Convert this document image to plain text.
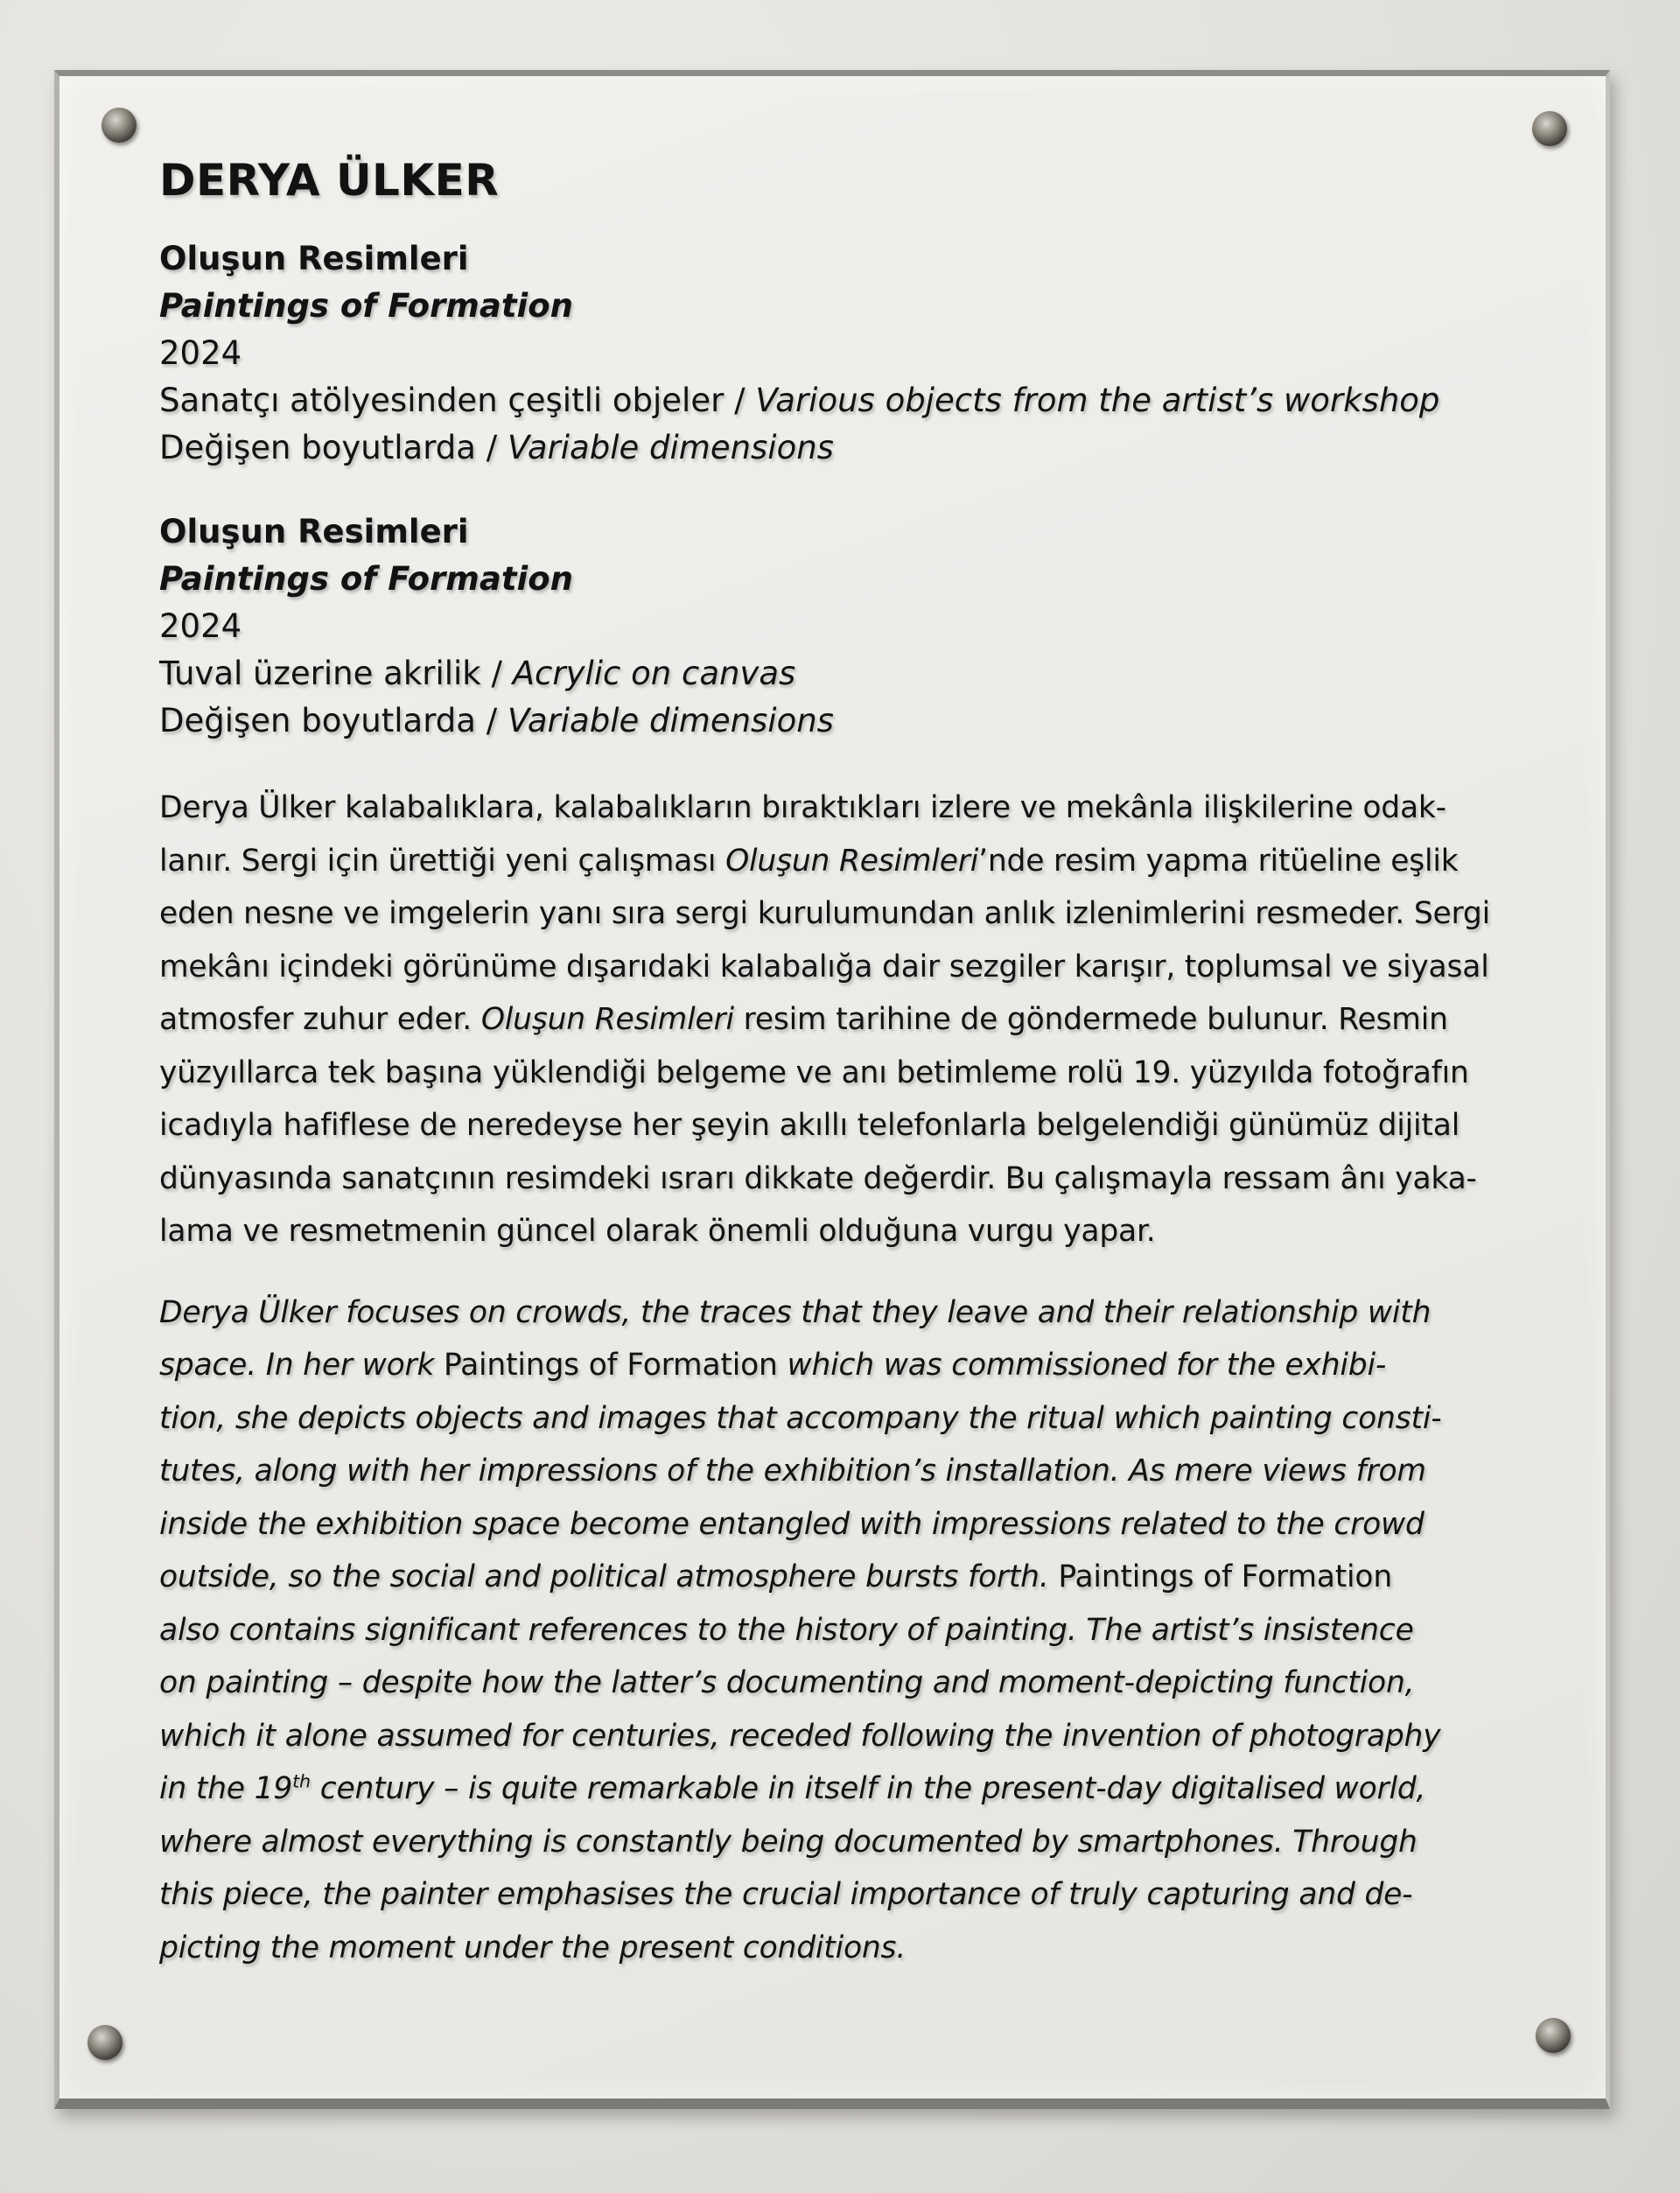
DERYA ÜLKER
Oluşun Resimleri
Paintings of Formation
2024
Sanatçı atölyesinden çeşitli objeler / Various objects from the artist’s workshop
Değişen boyutlarda / Variable dimensions
Oluşun Resimleri
Paintings of Formation
2024
Tuval üzerine akrilik / Acrylic on canvas
Değişen boyutlarda / Variable dimensions
Derya Ülker kalabalıklara, kalabalıkların bıraktıkları izlere ve mekânla ilişkilerine odak-
lanır. Sergi için ürettiği yeni çalışması Oluşun Resimleri’nde resim yapma ritüeline eşlik
eden nesne ve imgelerin yanı sıra sergi kurulumundan anlık izlenimlerini resmeder. Sergi
mekânı içindeki görünüme dışarıdaki kalabalığa dair sezgiler karışır, toplumsal ve siyasal
atmosfer zuhur eder. Oluşun Resimleri resim tarihine de göndermede bulunur. Resmin
yüzyıllarca tek başına yüklendiği belgeme ve anı betimleme rolü 19. yüzyılda fotoğrafın
icadıyla hafiflese de neredeyse her şeyin akıllı telefonlarla belgelendiği günümüz dijital
dünyasında sanatçının resimdeki ısrarı dikkate değerdir. Bu çalışmayla ressam ânı yaka-
lama ve resmetmenin güncel olarak önemli olduğuna vurgu yapar.
Derya Ülker focuses on crowds, the traces that they leave and their relationship with
space. In her work Paintings of Formation which was commissioned for the exhibi-
tion, she depicts objects and images that accompany the ritual which painting consti-
tutes, along with her impressions of the exhibition’s installation. As mere views from
inside the exhibition space become entangled with impressions related to the crowd
outside, so the social and political atmosphere bursts forth. Paintings of Formation
also contains significant references to the history of painting. The artist’s insistence
on painting – despite how the latter’s documenting and moment-depicting function,
which it alone assumed for centuries, receded following the invention of photography
in the 19th century – is quite remarkable in itself in the present-day digitalised world,
where almost everything is constantly being documented by smartphones. Through
this piece, the painter emphasises the crucial importance of truly capturing and de-
picting the moment under the present conditions.
